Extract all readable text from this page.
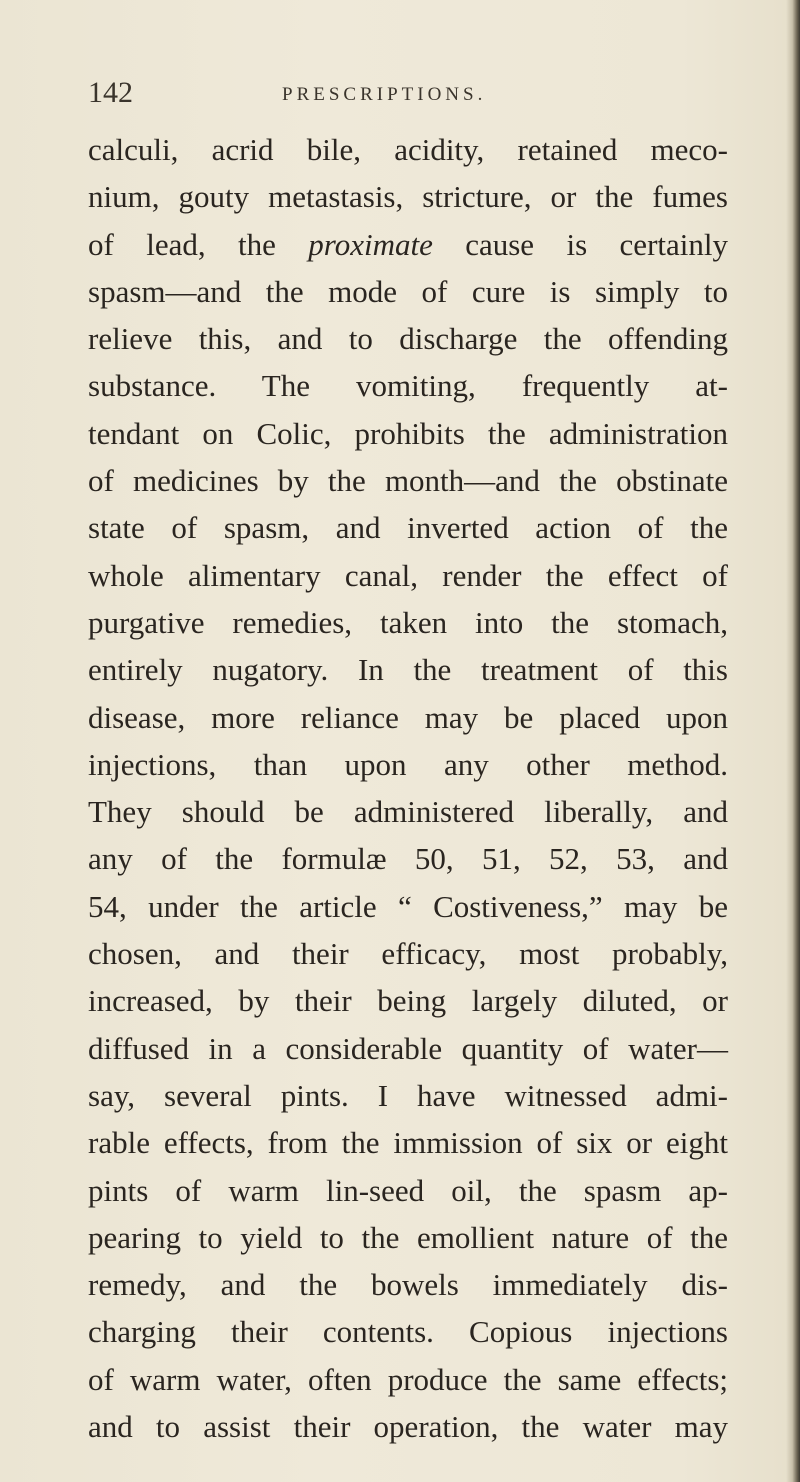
142	PRESCRIPTIONS.
calculi, acrid bile, acidity, retained meco-
nium, gouty metastasis, stricture, or the fumes
of lead, the proximate cause is certainly
spasm—and the mode of cure is simply to
relieve this, and to discharge the offending
substance. The vomiting, frequently at-
tendant on Colic, prohibits the administration
of medicines by the month—and the obstinate
state of spasm, and inverted action of the
whole alimentary canal, render the effect of
purgative remedies, taken into the stomach,
entirely nugatory. In the treatment of this
disease, more reliance may be placed upon
injections, than upon any other method.
They should be administered liberally, and
any of the formulæ 50, 51, 52, 53, and
54, under the article “ Costiveness,” may be
chosen, and their efficacy, most probably,
increased, by their being largely diluted, or
diffused in a considerable quantity of water—
say, several pints. I have witnessed admi-
rable effects, from the immission of six or eight
pints of warm lin-seed oil, the spasm ap-
pearing to yield to the emollient nature of the
remedy, and the bowels immediately dis-
charging their contents. Copious injections
of warm water, often produce the same effects;
and to assist their operation, the water may
